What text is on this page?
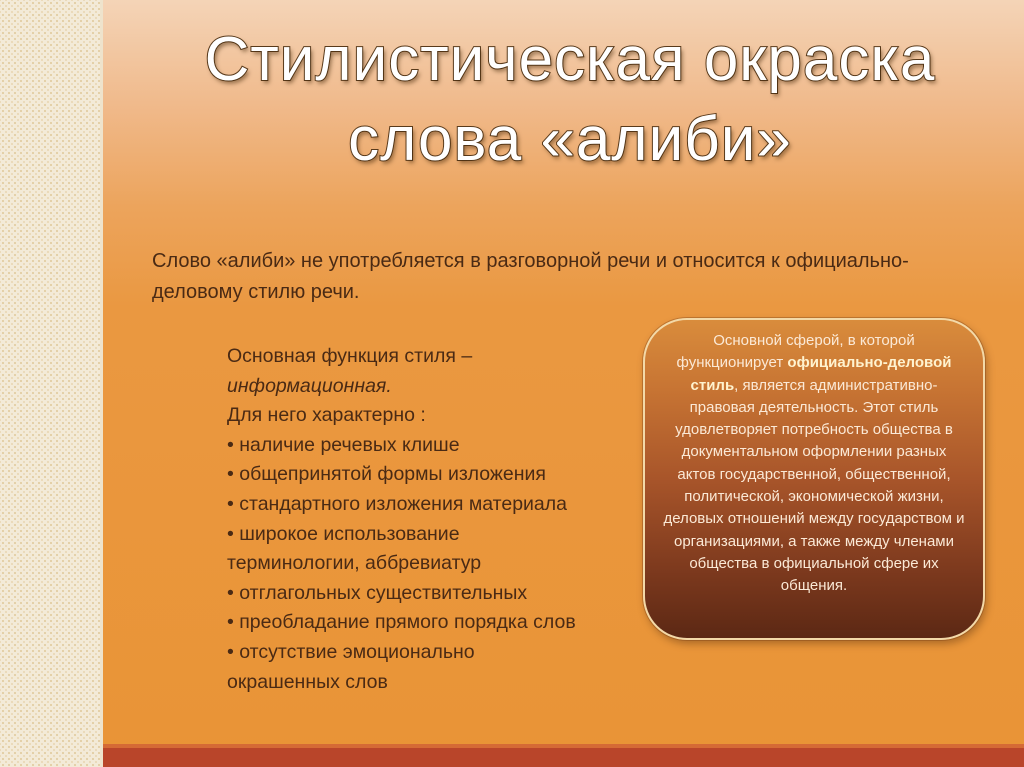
Стилистическая окраска
слова «алиби»

Слово «алиби» не употребляется в разговорной речи и относится к официально-деловому стилю речи.

Основная функция стиля –
информационная.
Для него характерно :
• наличие речевых клише
• общепринятой формы изложения
• стандартного изложения материала
• широкое использование
терминологии, аббревиатур
• отглагольных существительных
• преобладание прямого порядка слов
• отсутствие эмоционально
окрашенных слов
Основной сферой, в которой функционирует официально-деловой стиль, является административно-правовая деятельность. Этот стиль удовлетворяет потребность общества в документальном оформлении разных актов государственной, общественной, политической, экономической жизни, деловых отношений между государством и организациями, а также между членами общества в официальной сфере их общения.
